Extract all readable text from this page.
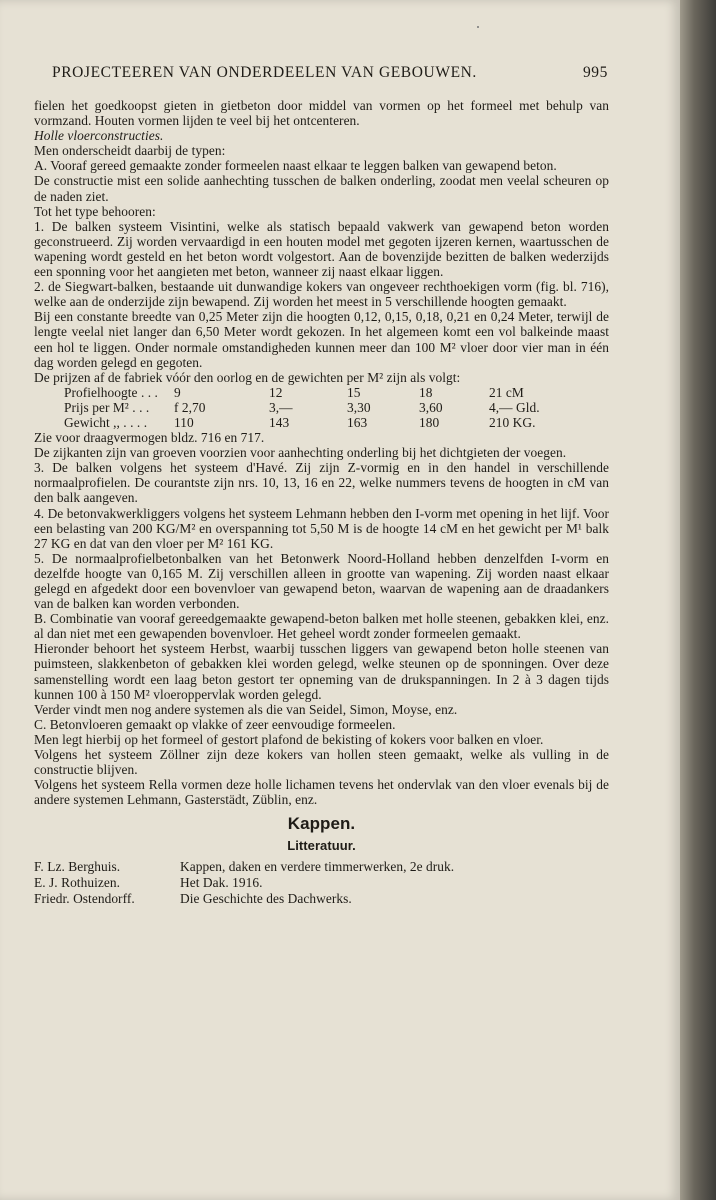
PROJECTEEREN VAN ONDERDEELEN VAN GEBOUWEN.	995

fielen het goedkoopst gieten in gietbeton door middel van vormen op het formeel met behulp van vormzand. Houten vormen lijden te veel bij het ontcenteren.

Holle vloerconstructies.

Men onderscheidt daarbij de typen:

A. Vooraf gereed gemaakte zonder formeelen naast elkaar te leggen balken van gewapend beton.

De constructie mist een solide aanhechting tusschen de balken onderling, zoodat men veelal scheuren op de naden ziet.

Tot het type behooren:

1. De balken systeem Visintini, welke als statisch bepaald vakwerk van gewapend beton worden geconstrueerd. Zij worden vervaardigd in een houten model met gegoten ijzeren kernen, waartusschen de wapening wordt gesteld en het beton wordt volgestort. Aan de bovenzijde bezitten de balken wederzijds een sponning voor het aangieten met beton, wanneer zij naast elkaar liggen.

2. de Siegwart-balken, bestaande uit dunwandige kokers van ongeveer rechthoekigen vorm (fig. bl. 716), welke aan de onderzijde zijn bewapend. Zij worden het meest in 5 verschillende hoogten gemaakt.

Bij een constante breedte van 0,25 Meter zijn die hoogten 0,12, 0,15, 0,18, 0,21 en 0,24 Meter, terwijl de lengte veelal niet langer dan 6,50 Meter wordt gekozen. In het algemeen komt een vol balkeinde maast een hol te liggen. Onder normale omstandigheden kunnen meer dan 100 M² vloer door vier man in één dag worden gelegd en gegoten.

De prijzen af de fabriek vóór den oorlog en de gewichten per M² zijn als volgt:

Profielhoogte . . .	9	12	15	18	21 cM
Prijs per M² . . .	f 2,70	3,—	3,30	3,60	4,— Gld.
Gewicht ,, . . . .	110	143	163	180	210 KG.

Zie voor draagvermogen bldz. 716 en 717.

De zijkanten zijn van groeven voorzien voor aanhechting onderling bij het dichtgieten der voegen.

3. De balken volgens het systeem d'Havé. Zij zijn Z-vormig en in den handel in verschillende normaalprofielen. De courantste zijn nrs. 10, 13, 16 en 22, welke nummers tevens de hoogten in cM van den balk aangeven.

4. De betonvakwerkliggers volgens het systeem Lehmann hebben den I-vorm met opening in het lijf. Voor een belasting van 200 KG/M² en overspanning tot 5,50 M is de hoogte 14 cM en het gewicht per M¹ balk 27 KG en dat van den vloer per M² 161 KG.

5. De normaalprofielbetonbalken van het Betonwerk Noord-Holland hebben denzelfden I-vorm en dezelfde hoogte van 0,165 M. Zij verschillen alleen in grootte van wapening. Zij worden naast elkaar gelegd en afgedekt door een bovenvloer van gewapend beton, waarvan de wapening aan de draadankers van de balken kan worden verbonden.

B. Combinatie van vooraf gereedgemaakte gewapend-beton balken met holle steenen, gebakken klei, enz. al dan niet met een gewapenden bovenvloer. Het geheel wordt zonder formeelen gemaakt.

Hieronder behoort het systeem Herbst, waarbij tusschen liggers van gewapend beton holle steenen van puimsteen, slakkenbeton of gebakken klei worden gelegd, welke steunen op de sponningen. Over deze samenstelling wordt een laag beton gestort ter opneming van de drukspanningen. In 2 à 3 dagen tijds kunnen 100 à 150 M² vloeroppervlak worden gelegd.

Verder vindt men nog andere systemen als die van Seidel, Simon, Moyse, enz.

C. Betonvloeren gemaakt op vlakke of zeer eenvoudige formeelen.

Men legt hierbij op het formeel of gestort plafond de bekisting of kokers voor balken en vloer.

Volgens het systeem Zöllner zijn deze kokers van hollen steen gemaakt, welke als vulling in de constructie blijven.

Volgens het systeem Rella vormen deze holle lichamen tevens het ondervlak van den vloer evenals bij de andere systemen Lehmann, Gasterstädt, Züblin, enz.

Kappen.
Litteratuur.
F. Lz. Berghuis.	Kappen, daken en verdere timmerwerken, 2e druk.
E. J. Rothuizen.	Het Dak. 1916.
Friedr. Ostendorff.	Die Geschichte des Dachwerks.
